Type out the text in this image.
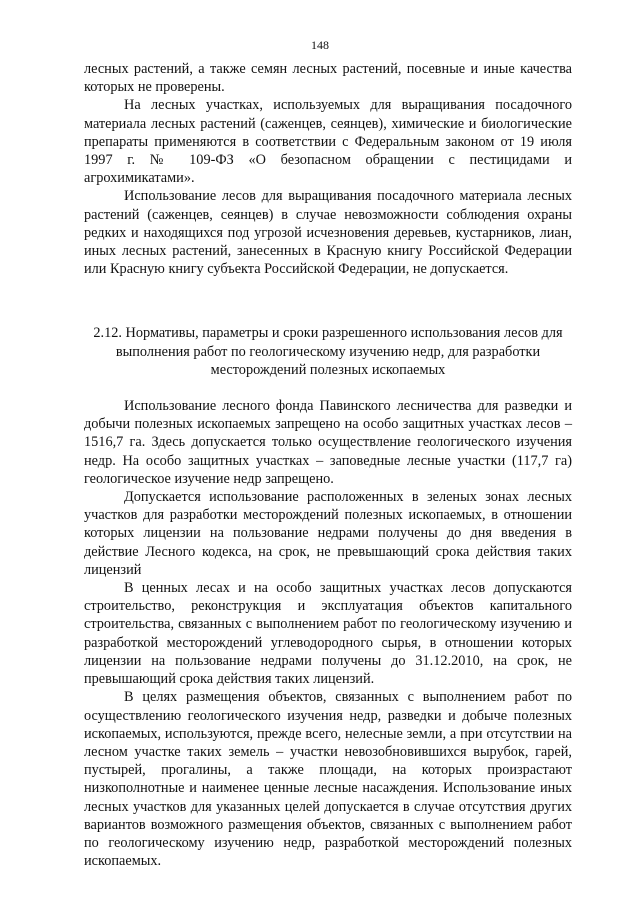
148

лесных растений, а также семян лесных растений, посевные и иные качества которых не проверены.

На лесных участках, используемых для выращивания посадочного материала лесных растений (саженцев, сеянцев), химические и биологические препараты применяются в соответствии с Федеральным законом от 19 июля 1997 г. № 109-ФЗ «О безопасном обращении с пестицидами и агрохимикатами».

Использование лесов для выращивания посадочного материала лесных растений (саженцев, сеянцев) в случае невозможности соблюдения охраны редких и находящихся под угрозой исчезновения деревьев, кустарников, лиан, иных лесных растений, занесенных в Красную книгу Российской Федерации или Красную книгу субъекта Российской Федерации, не допускается.

2.12. Нормативы, параметры и сроки разрешенного использования лесов для выполнения работ по геологическому изучению недр, для разработки месторождений полезных ископаемых

Использование лесного фонда Павинского лесничества для разведки и добычи полезных ископаемых запрещено на особо защитных участках лесов – 1516,7 га. Здесь допускается только осуществление геологического изучения недр. На особо защитных участках – заповедные лесные участки (117,7 га) геологическое изучение недр запрещено.

Допускается использование расположенных в зеленых зонах лесных участков для разработки месторождений полезных ископаемых, в отношении которых лицензии на пользование недрами получены до дня введения в действие Лесного кодекса, на срок, не превышающий срока действия таких лицензий

В ценных лесах и на особо защитных участках лесов допускаются строительство, реконструкция и эксплуатация объектов капитального строительства, связанных с выполнением работ по геологическому изучению и разработкой месторождений углеводородного сырья, в отношении которых лицензии на пользование недрами получены до 31.12.2010, на срок, не превышающий срока действия таких лицензий.

В целях размещения объектов, связанных с выполнением работ по осуществлению геологического изучения недр, разведки и добыче полезных ископаемых, используются, прежде всего, нелесные земли, а при отсутствии на лесном участке таких земель – участки невозобновившихся вырубок, гарей, пустырей, прогалины, а также площади, на которых произрастают низкополнотные и наименее ценные лесные насаждения. Использование иных лесных участков для указанных целей допускается в случае отсутствия других вариантов возможного размещения объектов, связанных с выполнением работ по геологическому изучению недр, разработкой месторождений полезных ископаемых.
